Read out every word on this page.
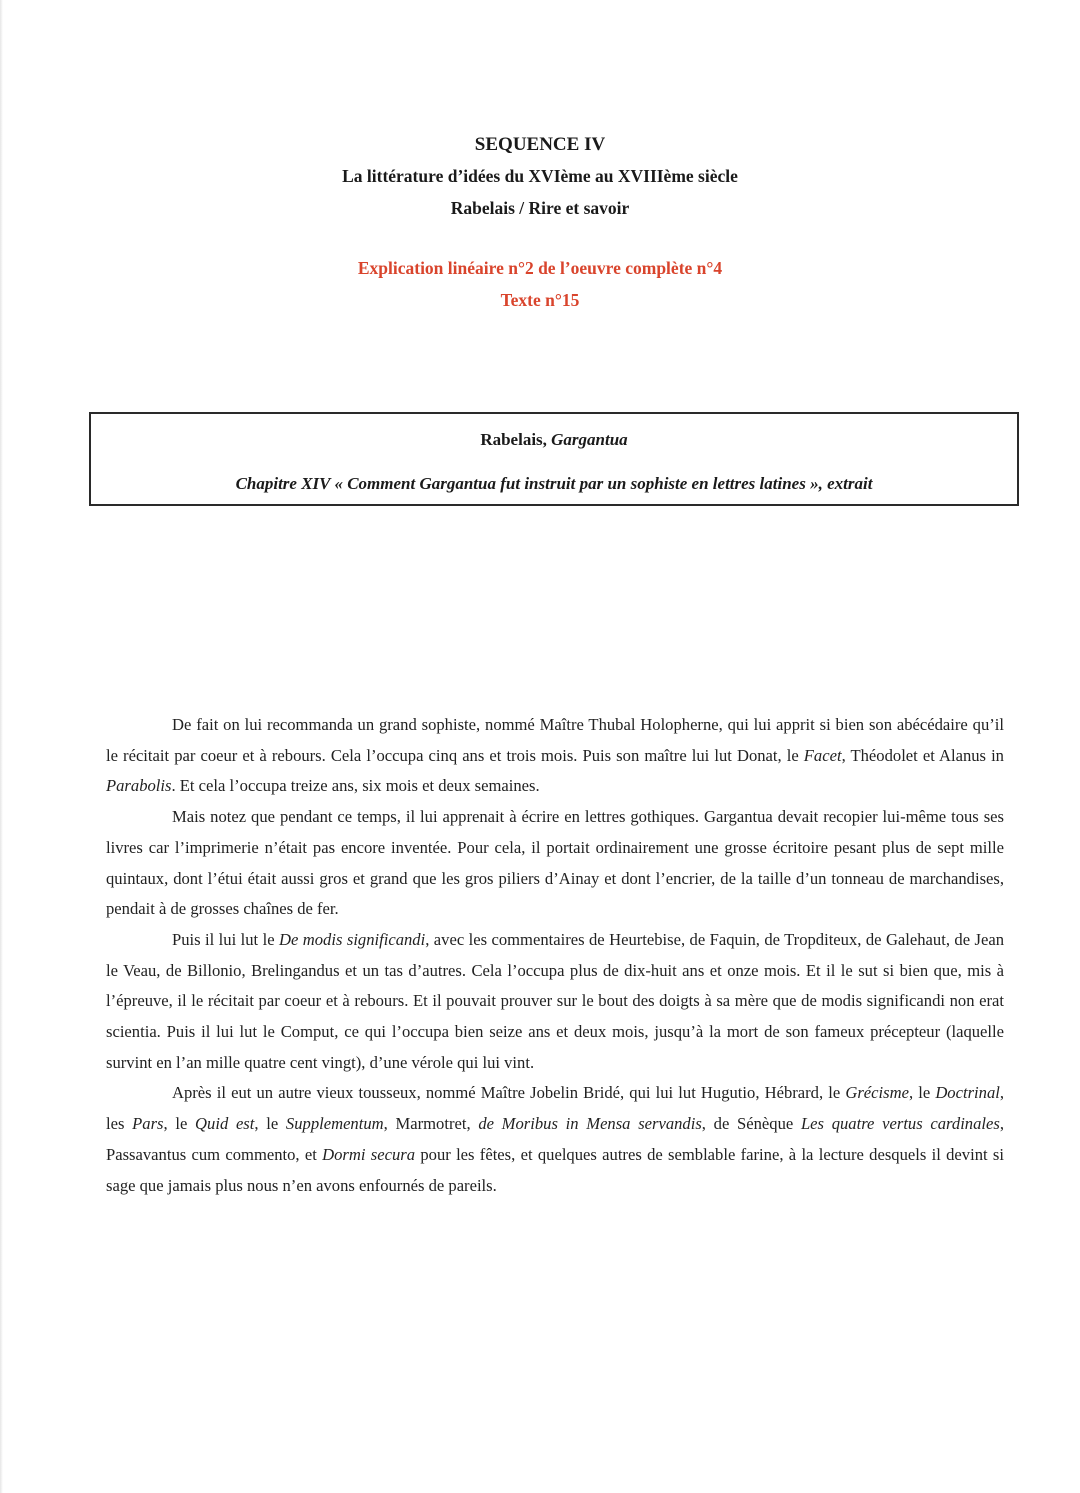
SEQUENCE IV
La littérature d’idées du XVIème au XVIIIème siècle
Rabelais / Rire et savoir
Explication linéaire n°2 de l’oeuvre complète n°4
Texte n°15
Rabelais, Gargantua
Chapitre XIV « Comment Gargantua fut instruit par un sophiste en lettres latines », extrait

De fait on lui recommanda un grand sophiste, nommé Maître Thubal Holopherne, qui lui apprit si bien son abécédaire qu’il le récitait par coeur et à rebours. Cela l’occupa cinq ans et trois mois. Puis son maître lui lut Donat, le Facet, Théodolet et Alanus in Parabolis. Et cela l’occupa treize ans, six mois et deux semaines.

Mais notez que pendant ce temps, il lui apprenait à écrire en lettres gothiques. Gargantua devait recopier lui-même tous ses livres car l’imprimerie n’était pas encore inventée. Pour cela, il portait ordinairement une grosse écritoire pesant plus de sept mille quintaux, dont l’étui était aussi gros et grand que les gros piliers d’Ainay et dont l’encrier, de la taille d’un tonneau de marchandises, pendait à de grosses chaînes de fer.

Puis il lui lut le De modis significandi, avec les commentaires de Heurtebise, de Faquin, de Tropditeux, de Galehaut, de Jean le Veau, de Billonio, Brelingandus et un tas d’autres. Cela l’occupa plus de dix-huit ans et onze mois. Et il le sut si bien que, mis à l’épreuve, il le récitait par coeur et à rebours. Et il pouvait prouver sur le bout des doigts à sa mère que de modis significandi non erat scientia. Puis il lui lut le Comput, ce qui l’occupa bien seize ans et deux mois, jusqu’à la mort de son fameux précepteur (laquelle survint en l’an mille quatre cent vingt), d’une vérole qui lui vint.

Après il eut un autre vieux tousseux, nommé Maître Jobelin Bridé, qui lui lut Hugutio, Hébrard, le Grécisme, le Doctrinal, les Pars, le Quid est, le Supplementum, Marmotret, de Moribus in Mensa servandis, de Sénèque Les quatre vertus cardinales, Passavantus cum commento, et Dormi secura pour les fêtes, et quelques autres de semblable farine, à la lecture desquels il devint si sage que jamais plus nous n’en avons enfournés de pareils.
